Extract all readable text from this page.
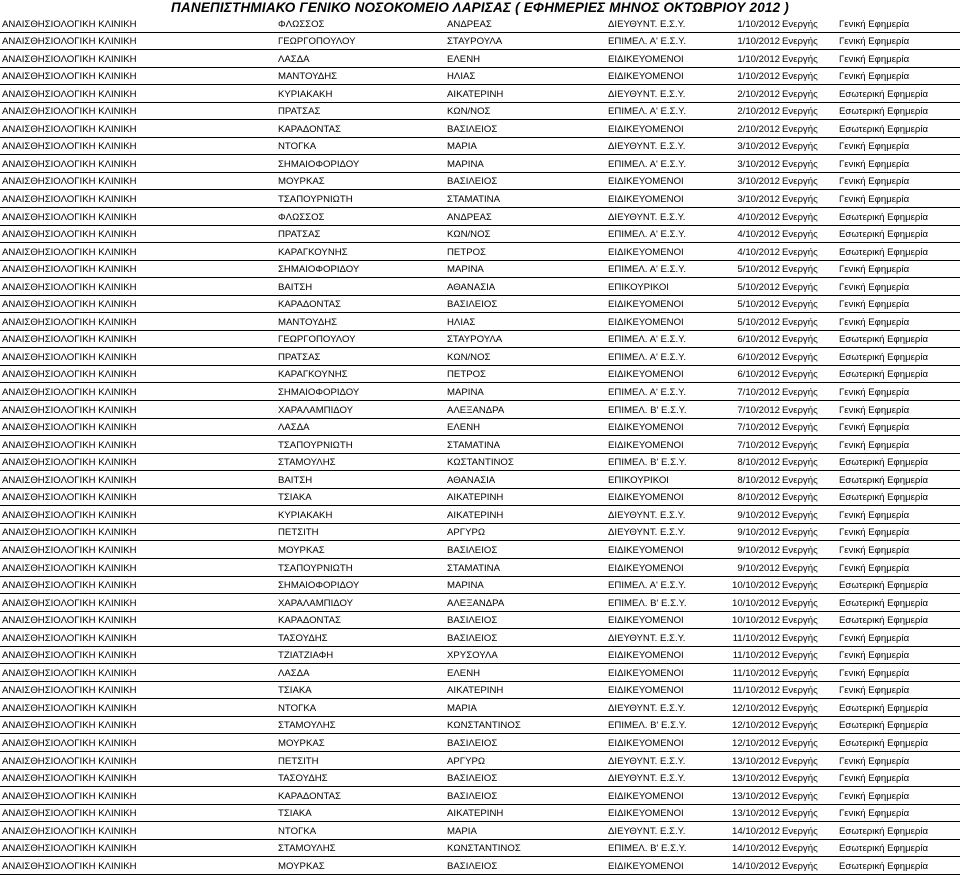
ΠΑΝΕΠΙΣΤΗΜΙΑΚΟ ΓΕΝΙΚΟ ΝΟΣΟΚΟΜΕΙΟ ΛΑΡΙΣΑΣ ( ΕΦΗΜΕΡΙΕΣ ΜΗΝΟΣ ΟΚΤΩΒΡΙΟΥ 2012 )
ΑΝΑΙΣΘΗΣΙΟΛΟΓΙΚΗ ΚΛΙΝΙΚΗ	ΦΛΩΣΣΟΣ	ΑΝΔΡΕΑΣ	ΔΙΕΥΘΥΝΤ. Ε.Σ.Υ.	1/10/2012	Ενεργής	Γενική Εφημερία
ΑΝΑΙΣΘΗΣΙΟΛΟΓΙΚΗ ΚΛΙΝΙΚΗ	ΓΕΩΡΓΟΠΟΥΛΟΥ	ΣΤΑΥΡΟΥΛΑ	ΕΠΙΜΕΛ. Α' Ε.Σ.Υ.	1/10/2012	Ενεργής	Γενική Εφημερία
ΑΝΑΙΣΘΗΣΙΟΛΟΓΙΚΗ ΚΛΙΝΙΚΗ	ΛΑΣΔΑ	ΕΛΕΝΗ	ΕΙΔΙΚΕΥΟΜΕΝΟΙ	1/10/2012	Ενεργής	Γενική Εφημερία
ΑΝΑΙΣΘΗΣΙΟΛΟΓΙΚΗ ΚΛΙΝΙΚΗ	ΜΑΝΤΟΥΔΗΣ	ΗΛΙΑΣ	ΕΙΔΙΚΕΥΟΜΕΝΟΙ	1/10/2012	Ενεργής	Γενική Εφημερία
ΑΝΑΙΣΘΗΣΙΟΛΟΓΙΚΗ ΚΛΙΝΙΚΗ	ΚΥΡΙΑΚΑΚΗ	ΑΙΚΑΤΕΡΙΝΗ	ΔΙΕΥΘΥΝΤ. Ε.Σ.Υ.	2/10/2012	Ενεργής	Εσωτερική Εφημερία
ΑΝΑΙΣΘΗΣΙΟΛΟΓΙΚΗ ΚΛΙΝΙΚΗ	ΠΡΑΤΣΑΣ	ΚΩΝ/ΝΟΣ	ΕΠΙΜΕΛ. Α' Ε.Σ.Υ.	2/10/2012	Ενεργής	Εσωτερική Εφημερία
ΑΝΑΙΣΘΗΣΙΟΛΟΓΙΚΗ ΚΛΙΝΙΚΗ	ΚΑΡΑΔΟΝΤΑΣ	ΒΑΣΙΛΕΙΟΣ	ΕΙΔΙΚΕΥΟΜΕΝΟΙ	2/10/2012	Ενεργής	Εσωτερική Εφημερία
ΑΝΑΙΣΘΗΣΙΟΛΟΓΙΚΗ ΚΛΙΝΙΚΗ	ΝΤΟΓΚΑ	ΜΑΡΙΑ	ΔΙΕΥΘΥΝΤ. Ε.Σ.Υ.	3/10/2012	Ενεργής	Γενική Εφημερία
ΑΝΑΙΣΘΗΣΙΟΛΟΓΙΚΗ ΚΛΙΝΙΚΗ	ΣΗΜΑΙΟΦΟΡΙΔΟΥ	ΜΑΡΙΝΑ	ΕΠΙΜΕΛ. Α' Ε.Σ.Υ.	3/10/2012	Ενεργής	Γενική Εφημερία
ΑΝΑΙΣΘΗΣΙΟΛΟΓΙΚΗ ΚΛΙΝΙΚΗ	ΜΟΥΡΚΑΣ	ΒΑΣΙΛΕΙΟΣ	ΕΙΔΙΚΕΥΟΜΕΝΟΙ	3/10/2012	Ενεργής	Γενική Εφημερία
ΑΝΑΙΣΘΗΣΙΟΛΟΓΙΚΗ ΚΛΙΝΙΚΗ	ΤΣΑΠΟΥΡΝΙΩΤΗ	ΣΤΑΜΑΤΙΝΑ	ΕΙΔΙΚΕΥΟΜΕΝΟΙ	3/10/2012	Ενεργής	Γενική Εφημερία
ΑΝΑΙΣΘΗΣΙΟΛΟΓΙΚΗ ΚΛΙΝΙΚΗ	ΦΛΩΣΣΟΣ	ΑΝΔΡΕΑΣ	ΔΙΕΥΘΥΝΤ. Ε.Σ.Υ.	4/10/2012	Ενεργής	Εσωτερική Εφημερία
ΑΝΑΙΣΘΗΣΙΟΛΟΓΙΚΗ ΚΛΙΝΙΚΗ	ΠΡΑΤΣΑΣ	ΚΩΝ/ΝΟΣ	ΕΠΙΜΕΛ. Α' Ε.Σ.Υ.	4/10/2012	Ενεργής	Εσωτερική Εφημερία
ΑΝΑΙΣΘΗΣΙΟΛΟΓΙΚΗ ΚΛΙΝΙΚΗ	ΚΑΡΑΓΚΟΥΝΗΣ	ΠΕΤΡΟΣ	ΕΙΔΙΚΕΥΟΜΕΝΟΙ	4/10/2012	Ενεργής	Εσωτερική Εφημερία
ΑΝΑΙΣΘΗΣΙΟΛΟΓΙΚΗ ΚΛΙΝΙΚΗ	ΣΗΜΑΙΟΦΟΡΙΔΟΥ	ΜΑΡΙΝΑ	ΕΠΙΜΕΛ. Α' Ε.Σ.Υ.	5/10/2012	Ενεργής	Γενική Εφημερία
ΑΝΑΙΣΘΗΣΙΟΛΟΓΙΚΗ ΚΛΙΝΙΚΗ	ΒΑΙΤΣΗ	ΑΘΑΝΑΣΙΑ	ΕΠΙΚΟΥΡΙΚΟΙ	5/10/2012	Ενεργής	Γενική Εφημερία
ΑΝΑΙΣΘΗΣΙΟΛΟΓΙΚΗ ΚΛΙΝΙΚΗ	ΚΑΡΑΔΟΝΤΑΣ	ΒΑΣΙΛΕΙΟΣ	ΕΙΔΙΚΕΥΟΜΕΝΟΙ	5/10/2012	Ενεργής	Γενική Εφημερία
ΑΝΑΙΣΘΗΣΙΟΛΟΓΙΚΗ ΚΛΙΝΙΚΗ	ΜΑΝΤΟΥΔΗΣ	ΗΛΙΑΣ	ΕΙΔΙΚΕΥΟΜΕΝΟΙ	5/10/2012	Ενεργής	Γενική Εφημερία
ΑΝΑΙΣΘΗΣΙΟΛΟΓΙΚΗ ΚΛΙΝΙΚΗ	ΓΕΩΡΓΟΠΟΥΛΟΥ	ΣΤΑΥΡΟΥΛΑ	ΕΠΙΜΕΛ. Α' Ε.Σ.Υ.	6/10/2012	Ενεργής	Εσωτερική Εφημερία
ΑΝΑΙΣΘΗΣΙΟΛΟΓΙΚΗ ΚΛΙΝΙΚΗ	ΠΡΑΤΣΑΣ	ΚΩΝ/ΝΟΣ	ΕΠΙΜΕΛ. Α' Ε.Σ.Υ.	6/10/2012	Ενεργής	Εσωτερική Εφημερία
ΑΝΑΙΣΘΗΣΙΟΛΟΓΙΚΗ ΚΛΙΝΙΚΗ	ΚΑΡΑΓΚΟΥΝΗΣ	ΠΕΤΡΟΣ	ΕΙΔΙΚΕΥΟΜΕΝΟΙ	6/10/2012	Ενεργής	Εσωτερική Εφημερία
ΑΝΑΙΣΘΗΣΙΟΛΟΓΙΚΗ ΚΛΙΝΙΚΗ	ΣΗΜΑΙΟΦΟΡΙΔΟΥ	ΜΑΡΙΝΑ	ΕΠΙΜΕΛ. Α' Ε.Σ.Υ.	7/10/2012	Ενεργής	Γενική Εφημερία
ΑΝΑΙΣΘΗΣΙΟΛΟΓΙΚΗ ΚΛΙΝΙΚΗ	ΧΑΡΑΛΑΜΠΙΔΟΥ	ΑΛΕΞΑΝΔΡΑ	ΕΠΙΜΕΛ. Β' Ε.Σ.Υ.	7/10/2012	Ενεργής	Γενική Εφημερία
ΑΝΑΙΣΘΗΣΙΟΛΟΓΙΚΗ ΚΛΙΝΙΚΗ	ΛΑΣΔΑ	ΕΛΕΝΗ	ΕΙΔΙΚΕΥΟΜΕΝΟΙ	7/10/2012	Ενεργής	Γενική Εφημερία
ΑΝΑΙΣΘΗΣΙΟΛΟΓΙΚΗ ΚΛΙΝΙΚΗ	ΤΣΑΠΟΥΡΝΙΩΤΗ	ΣΤΑΜΑΤΙΝΑ	ΕΙΔΙΚΕΥΟΜΕΝΟΙ	7/10/2012	Ενεργής	Γενική Εφημερία
ΑΝΑΙΣΘΗΣΙΟΛΟΓΙΚΗ ΚΛΙΝΙΚΗ	ΣΤΑΜΟΥΛΗΣ	ΚΩΣΤΑΝΤΙΝΟΣ	ΕΠΙΜΕΛ. Β' Ε.Σ.Υ.	8/10/2012	Ενεργής	Εσωτερική Εφημερία
ΑΝΑΙΣΘΗΣΙΟΛΟΓΙΚΗ ΚΛΙΝΙΚΗ	ΒΑΙΤΣΗ	ΑΘΑΝΑΣΙΑ	ΕΠΙΚΟΥΡΙΚΟΙ	8/10/2012	Ενεργής	Εσωτερική Εφημερία
ΑΝΑΙΣΘΗΣΙΟΛΟΓΙΚΗ ΚΛΙΝΙΚΗ	ΤΣΙΑΚΑ	ΑΙΚΑΤΕΡΙΝΗ	ΕΙΔΙΚΕΥΟΜΕΝΟΙ	8/10/2012	Ενεργής	Εσωτερική Εφημερία
ΑΝΑΙΣΘΗΣΙΟΛΟΓΙΚΗ ΚΛΙΝΙΚΗ	ΚΥΡΙΑΚΑΚΗ	ΑΙΚΑΤΕΡΙΝΗ	ΔΙΕΥΘΥΝΤ. Ε.Σ.Υ.	9/10/2012	Ενεργής	Γενική Εφημερία
ΑΝΑΙΣΘΗΣΙΟΛΟΓΙΚΗ ΚΛΙΝΙΚΗ	ΠΕΤΣΙΤΗ	ΑΡΓΥΡΩ	ΔΙΕΥΘΥΝΤ. Ε.Σ.Υ.	9/10/2012	Ενεργής	Γενική Εφημερία
ΑΝΑΙΣΘΗΣΙΟΛΟΓΙΚΗ ΚΛΙΝΙΚΗ	ΜΟΥΡΚΑΣ	ΒΑΣΙΛΕΙΟΣ	ΕΙΔΙΚΕΥΟΜΕΝΟΙ	9/10/2012	Ενεργής	Γενική Εφημερία
ΑΝΑΙΣΘΗΣΙΟΛΟΓΙΚΗ ΚΛΙΝΙΚΗ	ΤΣΑΠΟΥΡΝΙΩΤΗ	ΣΤΑΜΑΤΙΝΑ	ΕΙΔΙΚΕΥΟΜΕΝΟΙ	9/10/2012	Ενεργής	Γενική Εφημερία
ΑΝΑΙΣΘΗΣΙΟΛΟΓΙΚΗ ΚΛΙΝΙΚΗ	ΣΗΜΑΙΟΦΟΡΙΔΟΥ	ΜΑΡΙΝΑ	ΕΠΙΜΕΛ. Α' Ε.Σ.Υ.	10/10/2012	Ενεργής	Εσωτερική Εφημερία
ΑΝΑΙΣΘΗΣΙΟΛΟΓΙΚΗ ΚΛΙΝΙΚΗ	ΧΑΡΑΛΑΜΠΙΔΟΥ	ΑΛΕΞΑΝΔΡΑ	ΕΠΙΜΕΛ. Β' Ε.Σ.Υ.	10/10/2012	Ενεργής	Εσωτερική Εφημερία
ΑΝΑΙΣΘΗΣΙΟΛΟΓΙΚΗ ΚΛΙΝΙΚΗ	ΚΑΡΑΔΟΝΤΑΣ	ΒΑΣΙΛΕΙΟΣ	ΕΙΔΙΚΕΥΟΜΕΝΟΙ	10/10/2012	Ενεργής	Εσωτερική Εφημερία
ΑΝΑΙΣΘΗΣΙΟΛΟΓΙΚΗ ΚΛΙΝΙΚΗ	ΤΑΣΟΥΔΗΣ	ΒΑΣΙΛΕΙΟΣ	ΔΙΕΥΘΥΝΤ. Ε.Σ.Υ.	11/10/2012	Ενεργής	Γενική Εφημερία
ΑΝΑΙΣΘΗΣΙΟΛΟΓΙΚΗ ΚΛΙΝΙΚΗ	ΤΖΙΑΤΖΙΑΦΗ	ΧΡΥΣΟΥΛΑ	ΕΙΔΙΚΕΥΟΜΕΝΟΙ	11/10/2012	Ενεργής	Γενική Εφημερία
ΑΝΑΙΣΘΗΣΙΟΛΟΓΙΚΗ ΚΛΙΝΙΚΗ	ΛΑΣΔΑ	ΕΛΕΝΗ	ΕΙΔΙΚΕΥΟΜΕΝΟΙ	11/10/2012	Ενεργής	Γενική Εφημερία
ΑΝΑΙΣΘΗΣΙΟΛΟΓΙΚΗ ΚΛΙΝΙΚΗ	ΤΣΙΑΚΑ	ΑΙΚΑΤΕΡΙΝΗ	ΕΙΔΙΚΕΥΟΜΕΝΟΙ	11/10/2012	Ενεργής	Γενική Εφημερία
ΑΝΑΙΣΘΗΣΙΟΛΟΓΙΚΗ ΚΛΙΝΙΚΗ	ΝΤΟΓΚΑ	ΜΑΡΙΑ	ΔΙΕΥΘΥΝΤ. Ε.Σ.Υ.	12/10/2012	Ενεργής	Εσωτερική Εφημερία
ΑΝΑΙΣΘΗΣΙΟΛΟΓΙΚΗ ΚΛΙΝΙΚΗ	ΣΤΑΜΟΥΛΗΣ	ΚΩΝΣΤΑΝΤΙΝΟΣ	ΕΠΙΜΕΛ. Β' Ε.Σ.Υ.	12/10/2012	Ενεργής	Εσωτερική Εφημερία
ΑΝΑΙΣΘΗΣΙΟΛΟΓΙΚΗ ΚΛΙΝΙΚΗ	ΜΟΥΡΚΑΣ	ΒΑΣΙΛΕΙΟΣ	ΕΙΔΙΚΕΥΟΜΕΝΟΙ	12/10/2012	Ενεργής	Εσωτερική Εφημερία
ΑΝΑΙΣΘΗΣΙΟΛΟΓΙΚΗ ΚΛΙΝΙΚΗ	ΠΕΤΣΙΤΗ	ΑΡΓΥΡΩ	ΔΙΕΥΘΥΝΤ. Ε.Σ.Υ.	13/10/2012	Ενεργής	Γενική Εφημερία
ΑΝΑΙΣΘΗΣΙΟΛΟΓΙΚΗ ΚΛΙΝΙΚΗ	ΤΑΣΟΥΔΗΣ	ΒΑΣΙΛΕΙΟΣ	ΔΙΕΥΘΥΝΤ. Ε.Σ.Υ.	13/10/2012	Ενεργής	Γενική Εφημερία
ΑΝΑΙΣΘΗΣΙΟΛΟΓΙΚΗ ΚΛΙΝΙΚΗ	ΚΑΡΑΔΟΝΤΑΣ	ΒΑΣΙΛΕΙΟΣ	ΕΙΔΙΚΕΥΟΜΕΝΟΙ	13/10/2012	Ενεργής	Γενική Εφημερία
ΑΝΑΙΣΘΗΣΙΟΛΟΓΙΚΗ ΚΛΙΝΙΚΗ	ΤΣΙΑΚΑ	ΑΙΚΑΤΕΡΙΝΗ	ΕΙΔΙΚΕΥΟΜΕΝΟΙ	13/10/2012	Ενεργής	Γενική Εφημερία
ΑΝΑΙΣΘΗΣΙΟΛΟΓΙΚΗ ΚΛΙΝΙΚΗ	ΝΤΟΓΚΑ	ΜΑΡΙΑ	ΔΙΕΥΘΥΝΤ. Ε.Σ.Υ.	14/10/2012	Ενεργής	Εσωτερική Εφημερία
ΑΝΑΙΣΘΗΣΙΟΛΟΓΙΚΗ ΚΛΙΝΙΚΗ	ΣΤΑΜΟΥΛΗΣ	ΚΩΝΣΤΑΝΤΙΝΟΣ	ΕΠΙΜΕΛ. Β' Ε.Σ.Υ.	14/10/2012	Ενεργής	Εσωτερική Εφημερία
ΑΝΑΙΣΘΗΣΙΟΛΟΓΙΚΗ ΚΛΙΝΙΚΗ	ΜΟΥΡΚΑΣ	ΒΑΣΙΛΕΙΟΣ	ΕΙΔΙΚΕΥΟΜΕΝΟΙ	14/10/2012	Ενεργής	Εσωτερική Εφημερία
